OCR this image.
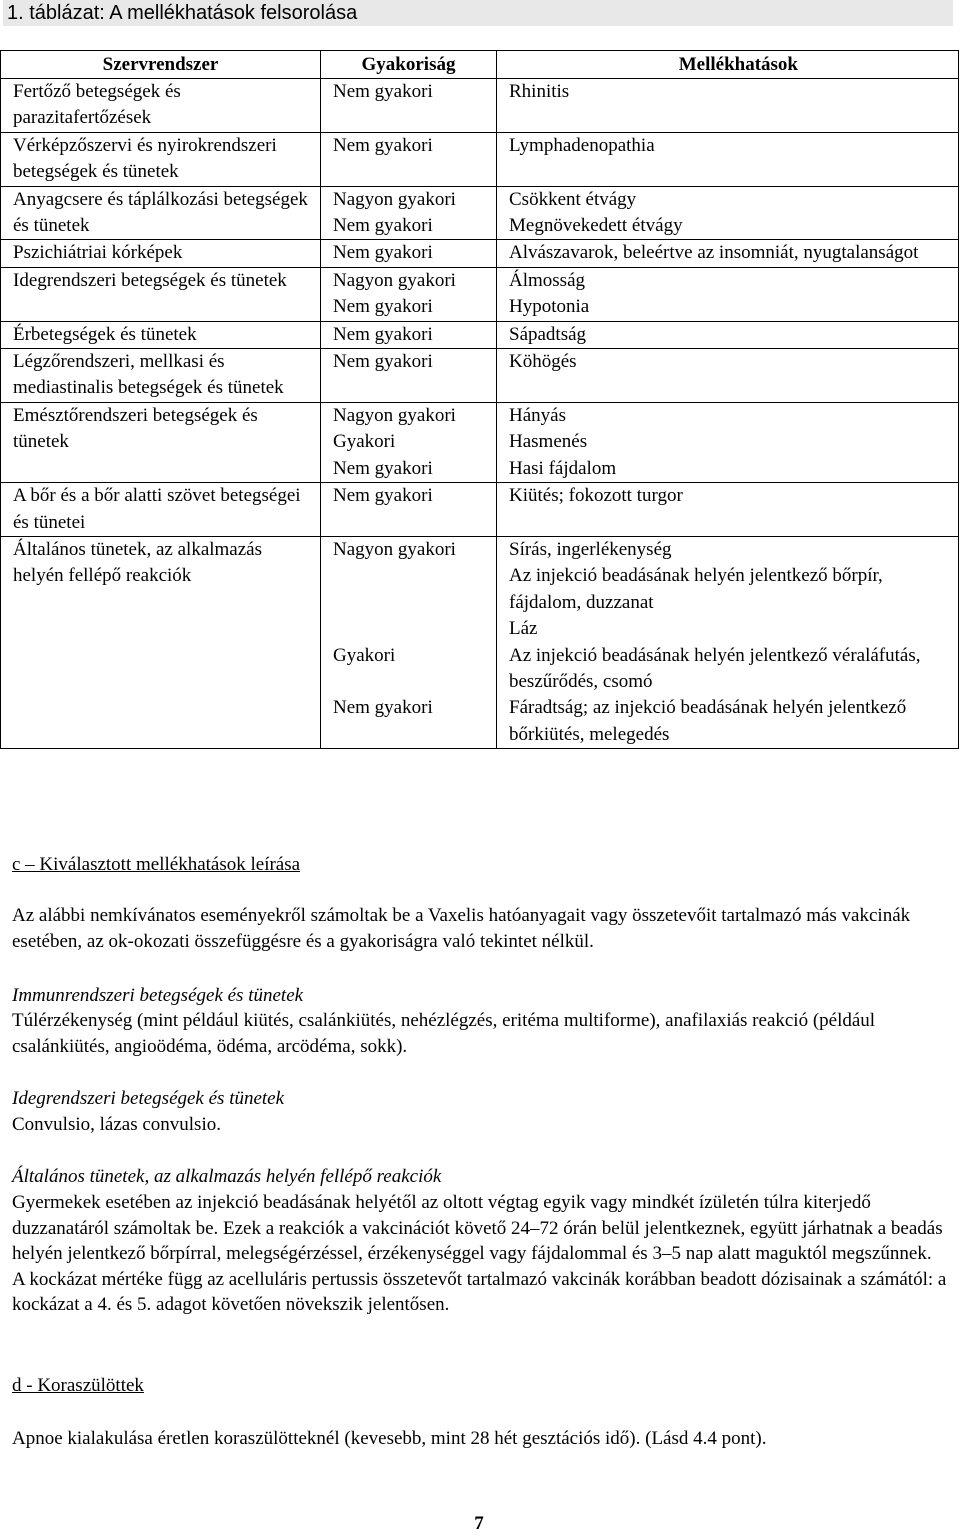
1. táblázat: A mellékhatások felsorolása
Szervrendszer	Gyakoriság	Mellékhatások
Fertőző betegségek és parazitafertőzések	Nem gyakori	Rhinitis
Vérképzőszervi és nyirokrendszeri betegségek és tünetek	Nem gyakori	Lymphadenopathia
Anyagcsere és táplálkozási betegségek és tünetek	Nagyon gyakori	Csökkent étvágy
	Nem gyakori	Megnövekedett étvágy
Pszichiátriai kórképek	Nem gyakori	Alvászavarok, beleértve az insomniát, nyugtalanságot
Idegrendszeri betegségek és tünetek	Nagyon gyakori	Álmosság
	Nem gyakori	Hypotonia
Érbetegségek és tünetek	Nem gyakori	Sápadtság
Légzőrendszeri, mellkasi és mediastinalis betegségek és tünetek	Nem gyakori	Köhögés
Emésztőrendszeri betegségek és tünetek	Nagyon gyakori	Hányás
	Gyakori	Hasmenés
	Nem gyakori	Hasi fájdalom
A bőr és a bőr alatti szövet betegségei és tünetei	Nem gyakori	Kiütés; fokozott turgor
Általános tünetek, az alkalmazás helyén fellépő reakciók	Nagyon gyakori	Sírás, ingerlékenység
		Az injekció beadásának helyén jelentkező bőrpír, fájdalom, duzzanat
		Láz
	Gyakori	Az injekció beadásának helyén jelentkező véraláfutás, beszűrődés, csomó
	Nem gyakori	Fáradtság; az injekció beadásának helyén jelentkező bőrkiütés, melegedés
c – Kiválasztott mellékhatások leírása
Az alábbi nemkívánatos eseményekről számoltak be a Vaxelis hatóanyagait vagy összetevőit tartalmazó más vakcinák esetében, az ok-okozati összefüggésre és a gyakoriságra való tekintet nélkül.
Immunrendszeri betegségek és tünetek
Túlérzékenység (mint például kiütés, csalánkiütés, nehézlégzés, eritéma multiforme), anafilaxiás reakció (például csalánkiütés, angioödéma, ödéma, arcödéma, sokk).
Idegrendszeri betegségek és tünetek
Convulsio, lázas convulsio.
Általános tünetek, az alkalmazás helyén fellépő reakciók
Gyermekek esetében az injekció beadásának helyétől az oltott végtag egyik vagy mindkét ízületén túlra kiterjedő duzzanatáról számoltak be. Ezek a reakciók a vakcinációt követő 24–72 órán belül jelentkeznek, együtt járhatnak a beadás helyén jelentkező bőrpírral, melegségérzéssel, érzékenységgel vagy fájdalommal és 3–5 nap alatt maguktól megszűnnek. A kockázat mértéke függ az acelluláris pertussis összetevőt tartalmazó vakcinák korábban beadott dózisainak a számától: a kockázat a 4. és 5. adagot követően növekszik jelentősen.
d - Koraszülöttek
Apnoe kialakulása éretlen koraszülötteknél (kevesebb, mint 28 hét gesztációs idő). (Lásd 4.4 pont).
7
